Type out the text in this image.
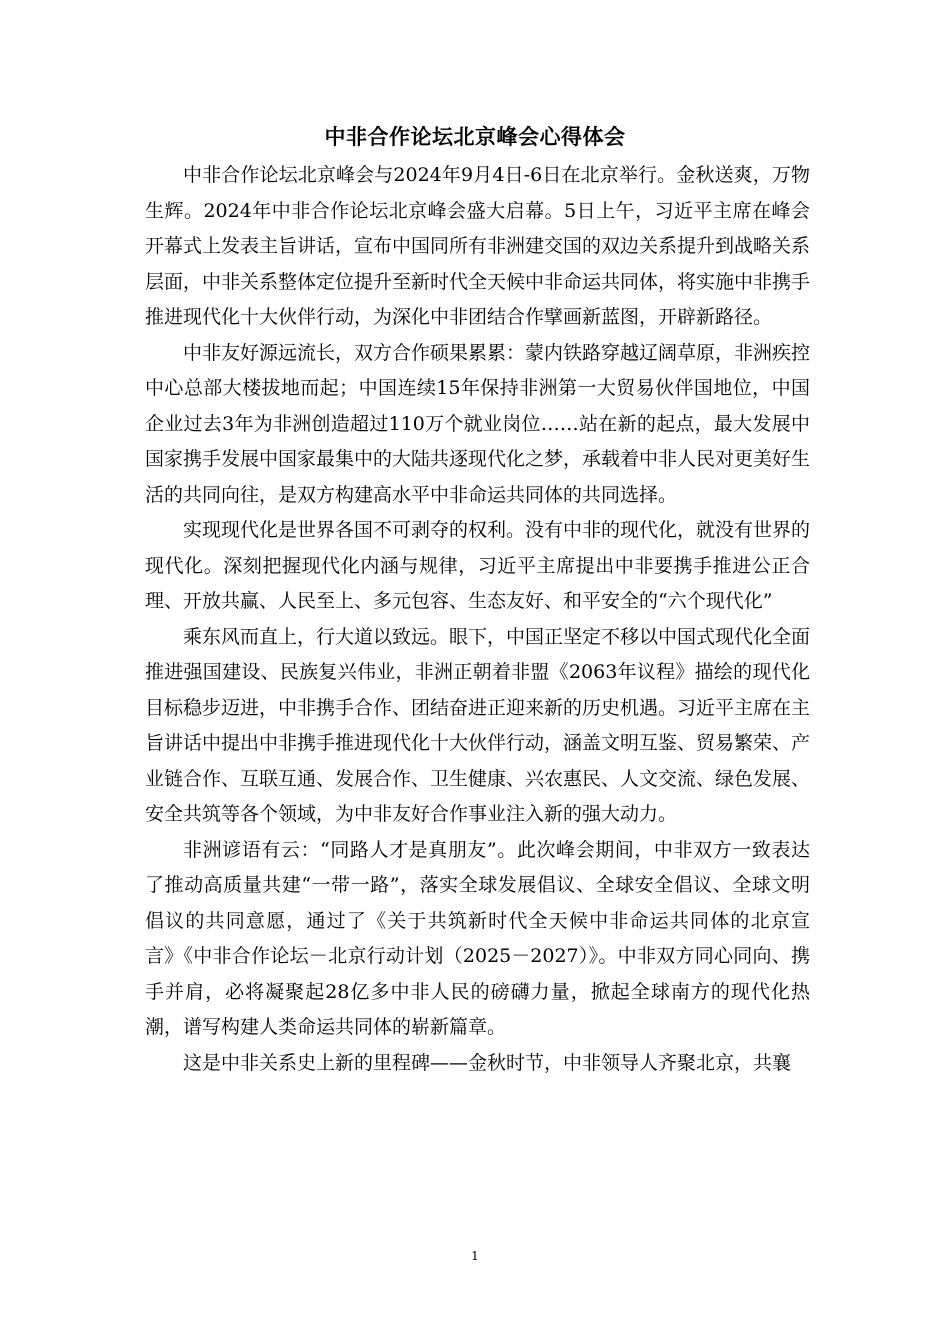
中非合作论坛北京峰会心得体会

中非合作论坛北京峰会与2024年9月4日-6日在北京举行。金秋送爽，万物生辉。2024年中非合作论坛北京峰会盛大启幕。5日上午，习近平主席在峰会开幕式上发表主旨讲话，宣布中国同所有非洲建交国的双边关系提升到战略关系层面，中非关系整体定位提升至新时代全天候中非命运共同体，将实施中非携手推进现代化十大伙伴行动，为深化中非团结合作擘画新蓝图，开辟新路径。

中非友好源远流长，双方合作硕果累累：蒙内铁路穿越辽阔草原，非洲疾控中心总部大楼拔地而起；中国连续15年保持非洲第一大贸易伙伴国地位，中国企业过去3年为非洲创造超过110万个就业岗位……站在新的起点，最大发展中国家携手发展中国家最集中的大陆共逐现代化之梦，承载着中非人民对更美好生活的共同向往，是双方构建高水平中非命运共同体的共同选择。

实现现代化是世界各国不可剥夺的权利。没有中非的现代化，就没有世界的现代化。深刻把握现代化内涵与规律，习近平主席提出中非要携手推进公正合理、开放共赢、人民至上、多元包容、生态友好、和平安全的“六个现代化”

乘东风而直上，行大道以致远。眼下，中国正坚定不移以中国式现代化全面推进强国建设、民族复兴伟业，非洲正朝着非盟《2063年议程》描绘的现代化目标稳步迈进，中非携手合作、团结奋进正迎来新的历史机遇。习近平主席在主旨讲话中提出中非携手推进现代化十大伙伴行动，涵盖文明互鉴、贸易繁荣、产业链合作、互联互通、发展合作、卫生健康、兴农惠民、人文交流、绿色发展、安全共筑等各个领域，为中非友好合作事业注入新的强大动力。

非洲谚语有云：“同路人才是真朋友”。此次峰会期间，中非双方一致表达了推动高质量共建“一带一路”，落实全球发展倡议、全球安全倡议、全球文明倡议的共同意愿，通过了《关于共筑新时代全天候中非命运共同体的北京宣言》《中非合作论坛－北京行动计划（2025－2027）》。中非双方同心同向、携手并肩，必将凝聚起28亿多中非人民的磅礴力量，掀起全球南方的现代化热潮，谱写构建人类命运共同体的崭新篇章。

这是中非关系史上新的里程碑——金秋时节，中非领导人齐聚北京，共襄

1
